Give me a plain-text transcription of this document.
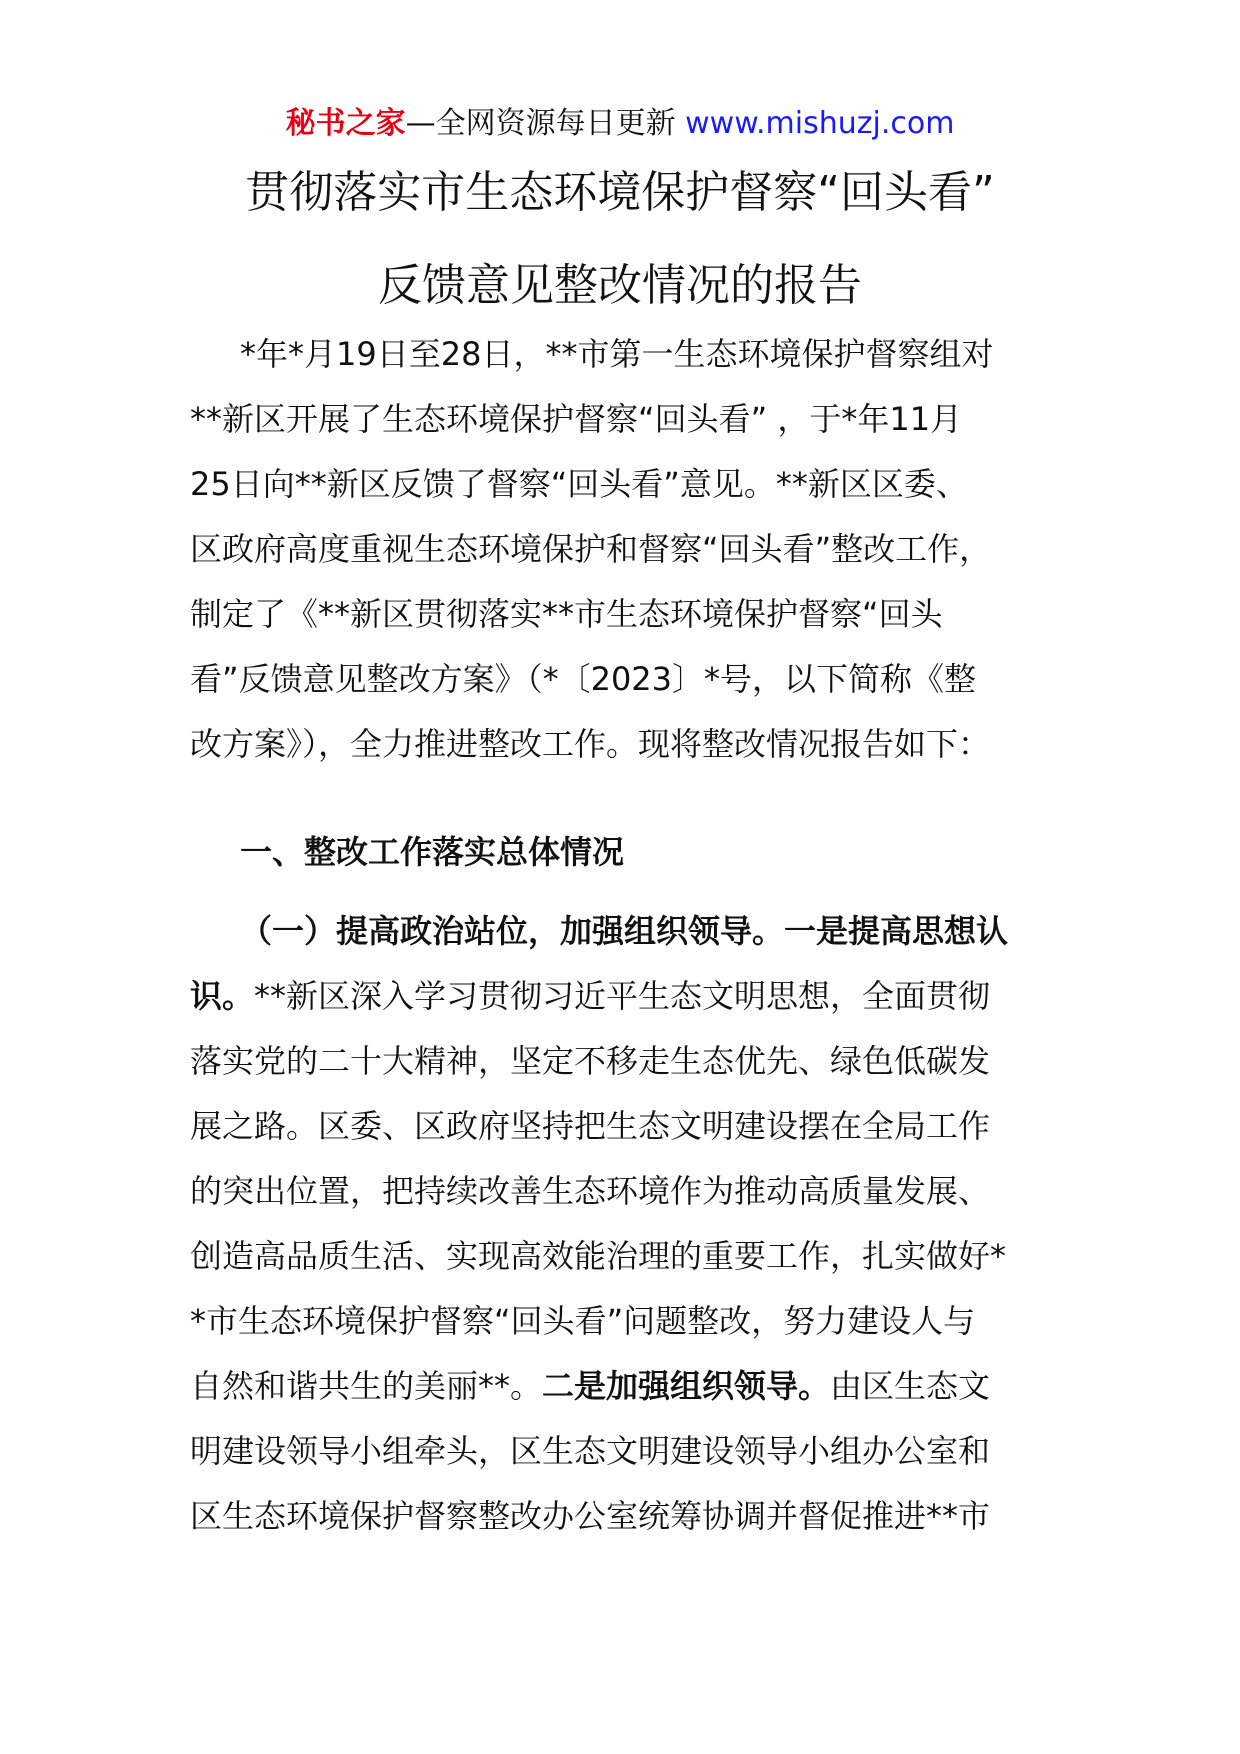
秘书之家—全网资源每日更新 www.mishuzj.com
贯彻落实市生态环境保护督察“回头看”
反馈意见整改情况的报告
*年*月19日至28日，**市第一生态环境保护督察组对
**新区开展了生态环境保护督察“回头看” ，于*年11月
25日向**新区反馈了督察“回头看”意见。**新区区委、
区政府高度重视生态环境保护和督察“回头看”整改工作，
制定了《**新区贯彻落实**市生态环境保护督察“回头
看”反馈意见整改方案》（*〔2023〕*号，以下简称《整
改方案》），全力推进整改工作。现将整改情况报告如下：
一、整改工作落实总体情况
（一）提高政治站位，加强组织领导。一是提高思想认
识。**新区深入学习贯彻习近平生态文明思想，全面贯彻
落实党的二十大精神，坚定不移走生态优先、绿色低碳发
展之路。区委、区政府坚持把生态文明建设摆在全局工作
的突出位置，把持续改善生态环境作为推动高质量发展、
创造高品质生活、实现高效能治理的重要工作，扎实做好*
*市生态环境保护督察“回头看”问题整改，努力建设人与
自然和谐共生的美丽**。二是加强组织领导。由区生态文
明建设领导小组牵头，区生态文明建设领导小组办公室和
区生态环境保护督察整改办公室统筹协调并督促推进**市
